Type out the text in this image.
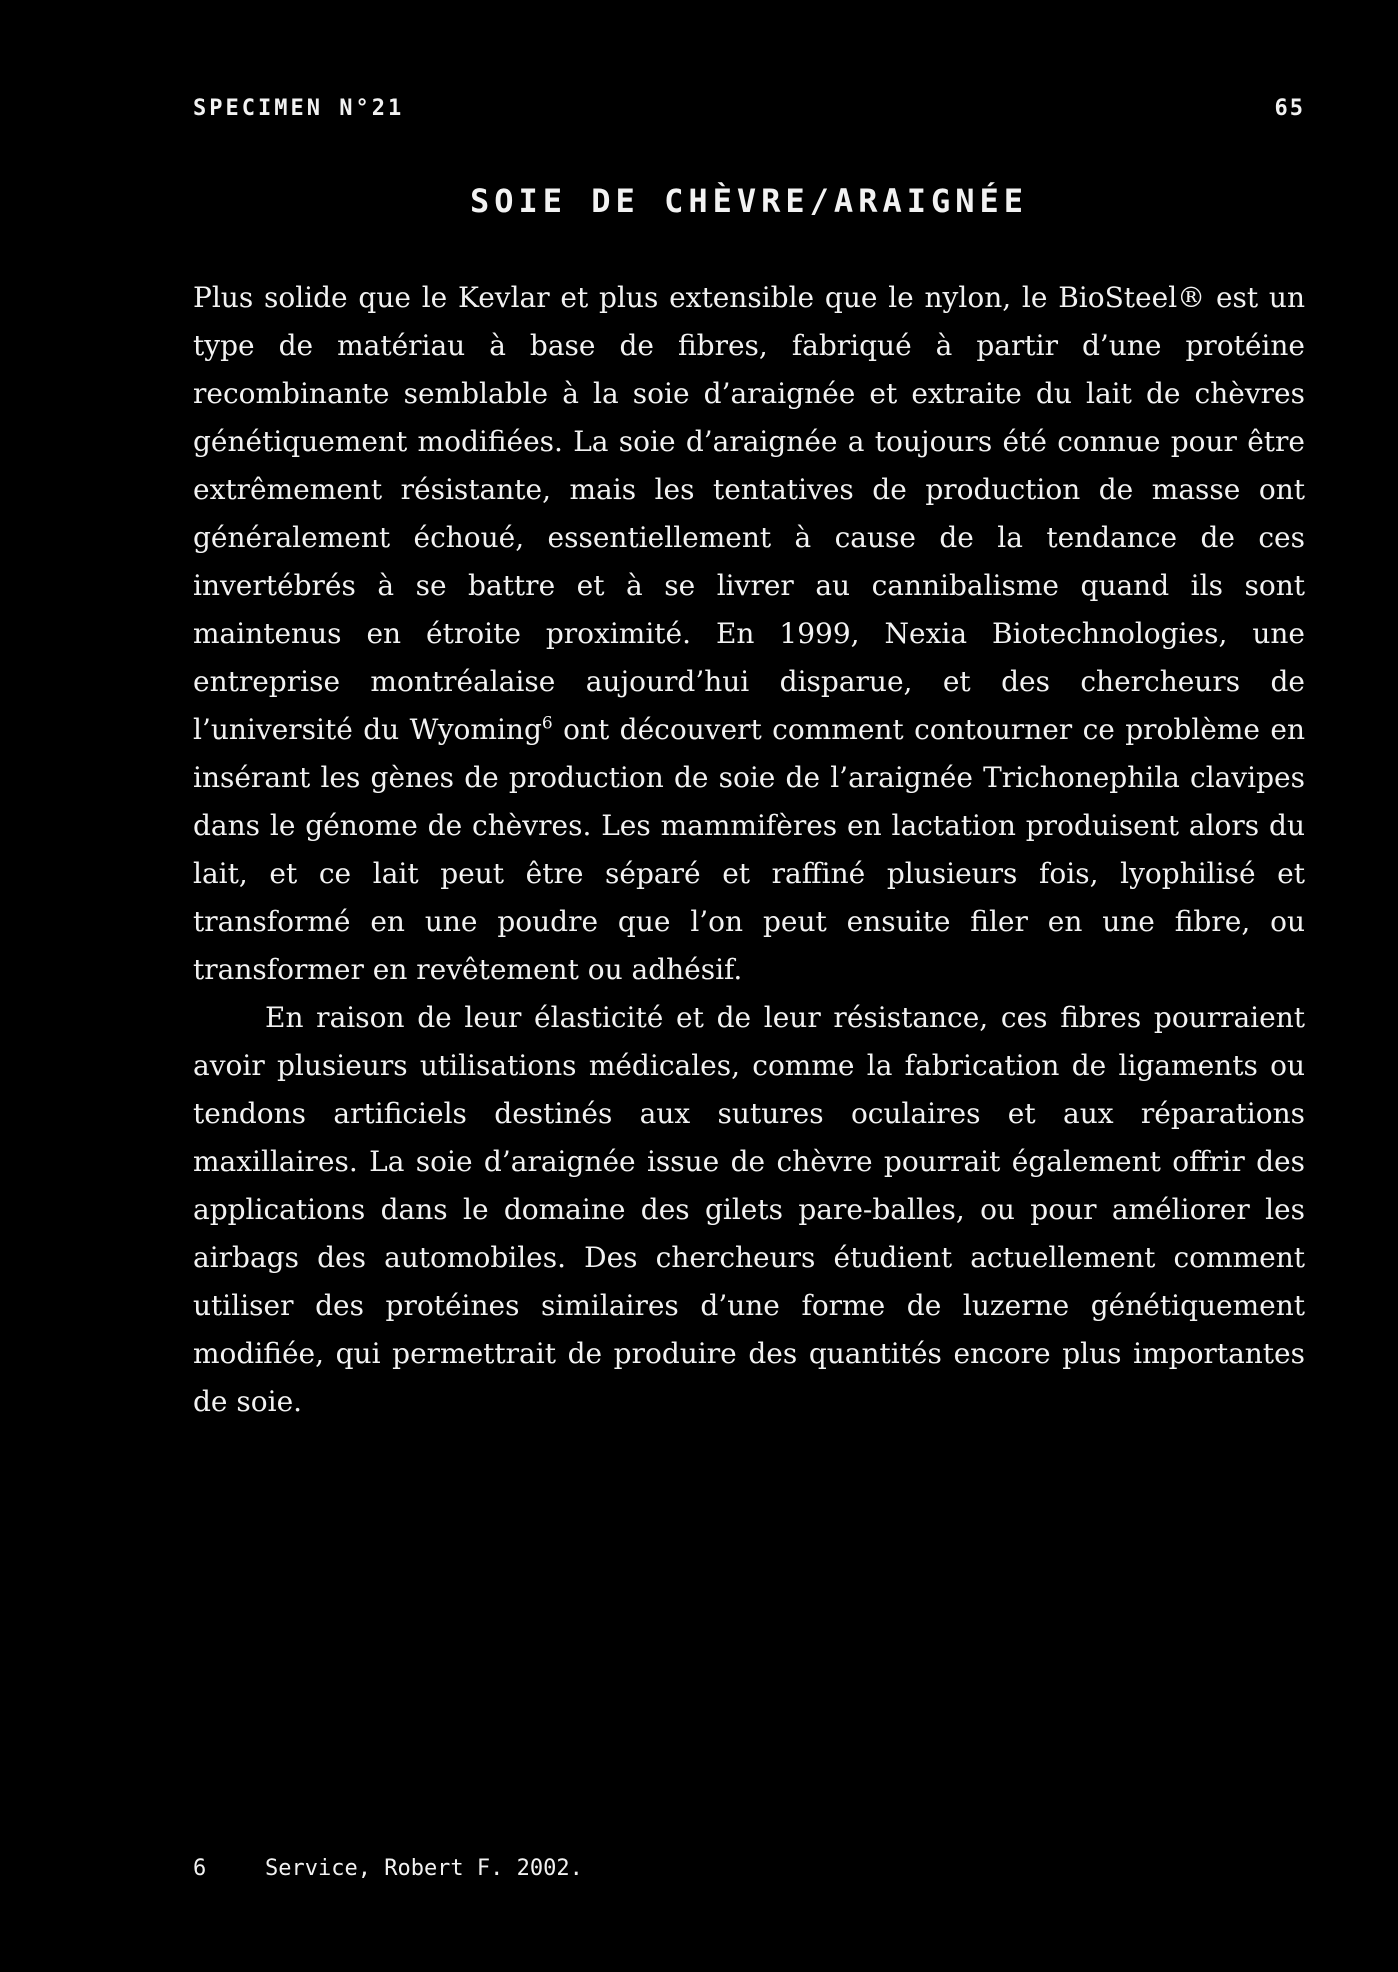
SPECIMEN N°21	65
SOIE DE CHÈVRE/ARAIGNÉE

Plus solide que le Kevlar et plus extensible que le nylon, le BioSteel® est un type de matériau à base de fibres, fabriqué à partir d’une protéine recombinante semblable à la soie d’araignée et extraite du lait de chèvres génétiquement modifiées. La soie d’araignée a toujours été connue pour être extrêmement résistante, mais les tentatives de production de masse ont généralement échoué, essentiellement à cause de la tendance de ces invertébrés à se battre et à se livrer au cannibalisme quand ils sont maintenus en étroite proximité. En 1999, Nexia Biotechnologies, une entreprise montréalaise aujourd’hui disparue, et des chercheurs de l’université du Wyoming$^6$ ont découvert comment contourner ce problème en insérant les gènes de production de soie de l’araignée Trichonephila clavipes dans le génome de chèvres. Les mammifères en lactation produisent alors du lait, et ce lait peut être séparé et raffiné plusieurs fois, lyophilisé et transformé en une poudre que l’on peut ensuite filer en une fibre, ou transformer en revêtement ou adhésif.

En raison de leur élasticité et de leur résistance, ces fibres pourraient avoir plusieurs utilisations médicales, comme la fabrication de ligaments ou tendons artificiels destinés aux sutures oculaires et aux réparations maxillaires. La soie d’araignée issue de chèvre pourrait également offrir des applications dans le domaine des gilets pare-balles, ou pour améliorer les airbags des automobiles. Des chercheurs étudient actuellement comment utiliser des protéines similaires d’une forme de luzerne génétiquement modifiée, qui permettrait de produire des quantités encore plus importantes de soie.

6	Service, Robert F. 2002.
